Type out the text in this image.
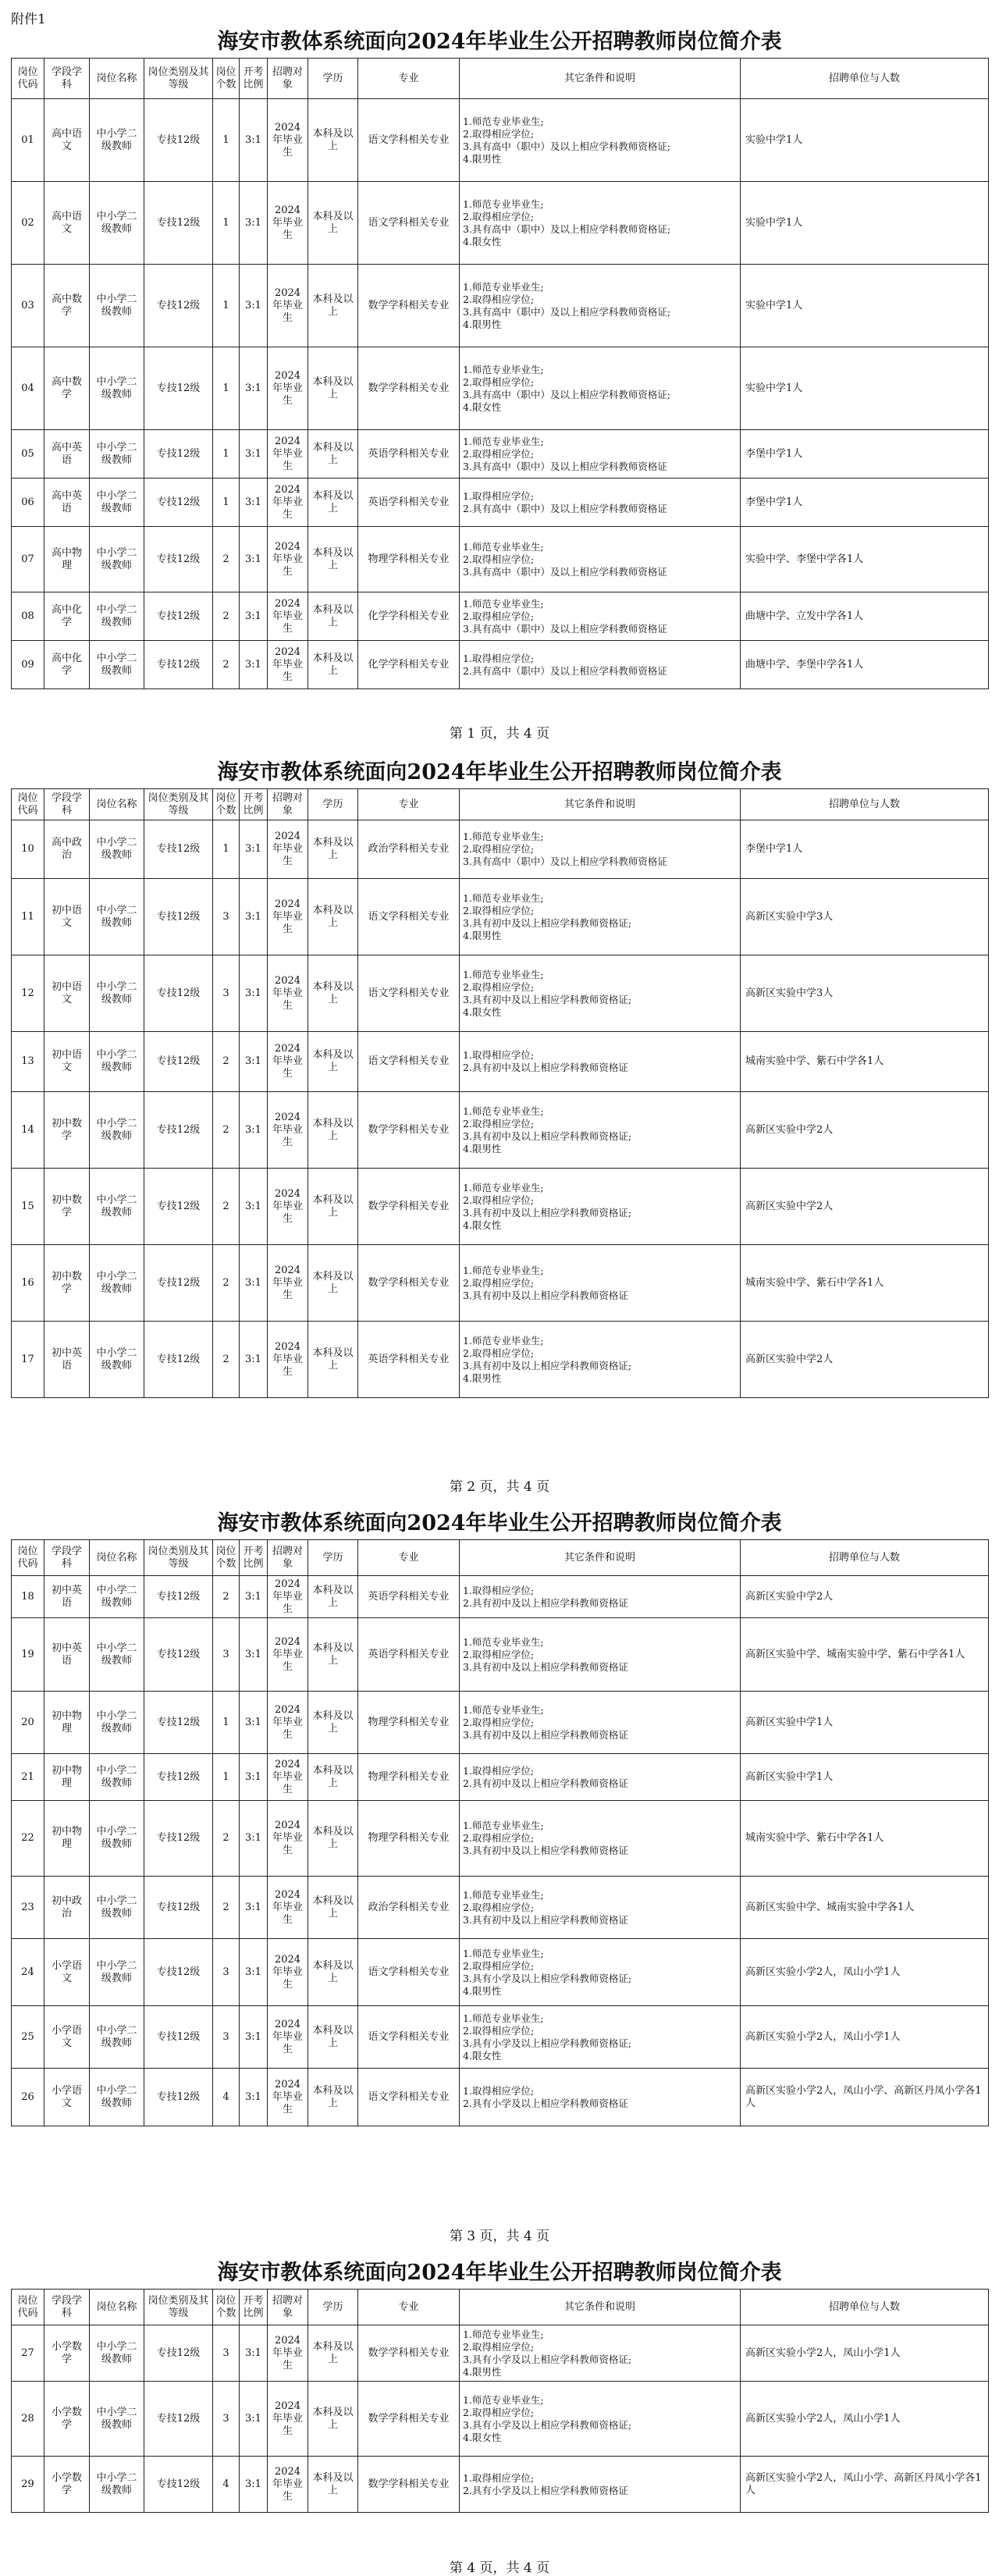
附件1
海安市教体系统面向2024年毕业生公开招聘教师岗位简介表
岗位代码	学段学科	岗位名称	岗位类别及其等级	岗位个数	开考比例	招聘对象	学历	专业	其它条件和说明	招聘单位与人数
01	高中语文	中小学二级教师	专技12级	1	3:1	2024年毕业生	本科及以上	语文学科相关专业	1.师范专业毕业生;
2.取得相应学位;
3.具有高中（职中）及以上相应学科教师资格证;
4.限男性	实验中学1人
02	高中语文	中小学二级教师	专技12级	1	3:1	2024年毕业生	本科及以上	语文学科相关专业	1.师范专业毕业生;
2.取得相应学位;
3.具有高中（职中）及以上相应学科教师资格证;
4.限女性	实验中学1人
03	高中数学	中小学二级教师	专技12级	1	3:1	2024年毕业生	本科及以上	数学学科相关专业	1.师范专业毕业生;
2.取得相应学位;
3.具有高中（职中）及以上相应学科教师资格证;
4.限男性	实验中学1人
04	高中数学	中小学二级教师	专技12级	1	3:1	2024年毕业生	本科及以上	数学学科相关专业	1.师范专业毕业生;
2.取得相应学位;
3.具有高中（职中）及以上相应学科教师资格证;
4.限女性	实验中学1人
05	高中英语	中小学二级教师	专技12级	1	3:1	2024年毕业生	本科及以上	英语学科相关专业	1.师范专业毕业生;
2.取得相应学位;
3.具有高中（职中）及以上相应学科教师资格证	李堡中学1人
06	高中英语	中小学二级教师	专技12级	1	3:1	2024年毕业生	本科及以上	英语学科相关专业	1.取得相应学位;
2.具有高中（职中）及以上相应学科教师资格证	李堡中学1人
07	高中物理	中小学二级教师	专技12级	2	3:1	2024年毕业生	本科及以上	物理学科相关专业	1.师范专业毕业生;
2.取得相应学位;
3.具有高中（职中）及以上相应学科教师资格证	实验中学、李堡中学各1人
08	高中化学	中小学二级教师	专技12级	2	3:1	2024年毕业生	本科及以上	化学学科相关专业	1.师范专业毕业生;
2.取得相应学位;
3.具有高中（职中）及以上相应学科教师资格证	曲塘中学、立发中学各1人
09	高中化学	中小学二级教师	专技12级	2	3:1	2024年毕业生	本科及以上	化学学科相关专业	1.取得相应学位;
2.具有高中（职中）及以上相应学科教师资格证	曲塘中学、李堡中学各1人
第 1 页，共 4 页
海安市教体系统面向2024年毕业生公开招聘教师岗位简介表
岗位代码	学段学科	岗位名称	岗位类别及其等级	岗位个数	开考比例	招聘对象	学历	专业	其它条件和说明	招聘单位与人数
10	高中政治	中小学二级教师	专技12级	1	3:1	2024年毕业生	本科及以上	政治学科相关专业	1.师范专业毕业生;
2.取得相应学位;
3.具有高中（职中）及以上相应学科教师资格证	李堡中学1人
11	初中语文	中小学二级教师	专技12级	3	3:1	2024年毕业生	本科及以上	语文学科相关专业	1.师范专业毕业生;
2.取得相应学位;
3.具有初中及以上相应学科教师资格证;
4.限男性	高新区实验中学3人
12	初中语文	中小学二级教师	专技12级	3	3:1	2024年毕业生	本科及以上	语文学科相关专业	1.师范专业毕业生;
2.取得相应学位;
3.具有初中及以上相应学科教师资格证;
4.限女性	高新区实验中学3人
13	初中语文	中小学二级教师	专技12级	2	3:1	2024年毕业生	本科及以上	语文学科相关专业	1.取得相应学位;
2.具有初中及以上相应学科教师资格证	城南实验中学、紫石中学各1人
14	初中数学	中小学二级教师	专技12级	2	3:1	2024年毕业生	本科及以上	数学学科相关专业	1.师范专业毕业生;
2.取得相应学位;
3.具有初中及以上相应学科教师资格证;
4.限男性	高新区实验中学2人
15	初中数学	中小学二级教师	专技12级	2	3:1	2024年毕业生	本科及以上	数学学科相关专业	1.师范专业毕业生;
2.取得相应学位;
3.具有初中及以上相应学科教师资格证;
4.限女性	高新区实验中学2人
16	初中数学	中小学二级教师	专技12级	2	3:1	2024年毕业生	本科及以上	数学学科相关专业	1.师范专业毕业生;
2.取得相应学位;
3.具有初中及以上相应学科教师资格证	城南实验中学、紫石中学各1人
17	初中英语	中小学二级教师	专技12级	2	3:1	2024年毕业生	本科及以上	英语学科相关专业	1.师范专业毕业生;
2.取得相应学位;
3.具有初中及以上相应学科教师资格证;
4.限男性	高新区实验中学2人
第 2 页，共 4 页
海安市教体系统面向2024年毕业生公开招聘教师岗位简介表
岗位代码	学段学科	岗位名称	岗位类别及其等级	岗位个数	开考比例	招聘对象	学历	专业	其它条件和说明	招聘单位与人数
18	初中英语	中小学二级教师	专技12级	2	3:1	2024年毕业生	本科及以上	英语学科相关专业	1.取得相应学位;
2.具有初中及以上相应学科教师资格证	高新区实验中学2人
19	初中英语	中小学二级教师	专技12级	3	3:1	2024年毕业生	本科及以上	英语学科相关专业	1.师范专业毕业生;
2.取得相应学位;
3.具有初中及以上相应学科教师资格证	高新区实验中学、城南实验中学、紫石中学各1人
20	初中物理	中小学二级教师	专技12级	1	3:1	2024年毕业生	本科及以上	物理学科相关专业	1.师范专业毕业生;
2.取得相应学位;
3.具有初中及以上相应学科教师资格证	高新区实验中学1人
21	初中物理	中小学二级教师	专技12级	1	3:1	2024年毕业生	本科及以上	物理学科相关专业	1.取得相应学位;
2.具有初中及以上相应学科教师资格证	高新区实验中学1人
22	初中物理	中小学二级教师	专技12级	2	3:1	2024年毕业生	本科及以上	物理学科相关专业	1.师范专业毕业生;
2.取得相应学位;
3.具有初中及以上相应学科教师资格证	城南实验中学、紫石中学各1人
23	初中政治	中小学二级教师	专技12级	2	3:1	2024年毕业生	本科及以上	政治学科相关专业	1.师范专业毕业生;
2.取得相应学位;
3.具有初中及以上相应学科教师资格证	高新区实验中学、城南实验中学各1人
24	小学语文	中小学二级教师	专技12级	3	3:1	2024年毕业生	本科及以上	语文学科相关专业	1.师范专业毕业生;
2.取得相应学位;
3.具有小学及以上相应学科教师资格证;
4.限男性	高新区实验小学2人，凤山小学1人
25	小学语文	中小学二级教师	专技12级	3	3:1	2024年毕业生	本科及以上	语文学科相关专业	1.师范专业毕业生;
2.取得相应学位;
3.具有小学及以上相应学科教师资格证;
4.限女性	高新区实验小学2人，凤山小学1人
26	小学语文	中小学二级教师	专技12级	4	3:1	2024年毕业生	本科及以上	语文学科相关专业	1.取得相应学位;
2.具有小学及以上相应学科教师资格证	高新区实验小学2人，凤山小学、高新区丹凤小学各1人
第 3 页，共 4 页
海安市教体系统面向2024年毕业生公开招聘教师岗位简介表
岗位代码	学段学科	岗位名称	岗位类别及其等级	岗位个数	开考比例	招聘对象	学历	专业	其它条件和说明	招聘单位与人数
27	小学数学	中小学二级教师	专技12级	3	3:1	2024年毕业生	本科及以上	数学学科相关专业	1.师范专业毕业生;
2.取得相应学位;
3.具有小学及以上相应学科教师资格证;
4.限男性	高新区实验小学2人，凤山小学1人
28	小学数学	中小学二级教师	专技12级	3	3:1	2024年毕业生	本科及以上	数学学科相关专业	1.师范专业毕业生;
2.取得相应学位;
3.具有小学及以上相应学科教师资格证;
4.限女性	高新区实验小学2人，凤山小学1人
29	小学数学	中小学二级教师	专技12级	4	3:1	2024年毕业生	本科及以上	数学学科相关专业	1.取得相应学位;
2.具有小学及以上相应学科教师资格证	高新区实验小学2人，凤山小学、高新区丹凤小学各1人
第 4 页，共 4 页
